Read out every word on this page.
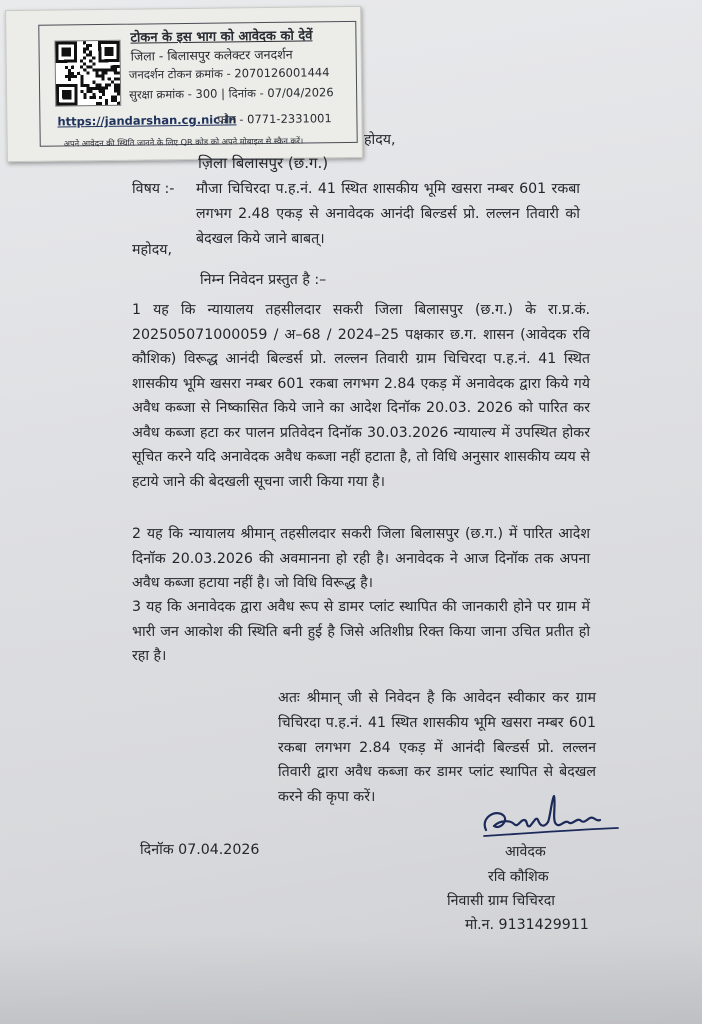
टोकन के इस भाग को आवेदक को देवें
जिला - बिलासपुर कलेक्टर जनदर्शन
जनदर्शन टोकन क्रमांक - 2070126001444
सुरक्षा क्रमांक - 300 | दिनांक - 07/04/2026
https://jandarshan.cg.nic.in
फोन - 0771-2331001
अपने आवेदन की स्थिति जानने के लिए QR कोड को अपने मोबाइल से स्कैन करें।	होदय,

ज़िला बिलासपुर (छ.ग.)

विषय :- मौजा चिचिरदा प.ह.नं. 41 स्थित शासकीय भूमि खसरा नम्बर 601 रकबा लगभग 2.48 एकड़ से अनावेदक आनंदी बिल्डर्स प्रो. लल्लन तिवारी को बेदखल किये जाने बाबत्।

महोदय,

निम्न निवेदन प्रस्तुत है :–

1 यह कि न्यायालय तहसीलदार सकरी जिला बिलासपुर (छ.ग.) के रा.प्र.कं. 202505071000059 / अ–68 / 2024–25 पक्षकार छ.ग. शासन (आवेदक रवि कौशिक) विरूद्ध आनंदी बिल्डर्स प्रो. लल्लन तिवारी ग्राम चिचिरदा प.ह.नं. 41 स्थित शासकीय भूमि खसरा नम्बर 601 रकबा लगभग 2.84 एकड़ में अनावेदक द्वारा किये गये अवैध कब्जा से निष्कासित किये जाने का आदेश दिनॉक 20.03. 2026 को पारित कर अवैध कब्जा हटा कर पालन प्रतिवेदन दिनॉक 30.03.2026 न्यायाल्य में उपस्थित होकर सूचित करने यदि अनावेदक अवैध कब्जा नहीं हटाता है, तो विधि अनुसार शासकीय व्यय से हटाये जाने की बेदखली सूचना जारी किया गया है।

2 यह कि न्यायालय श्रीमान् तहसीलदार सकरी जिला बिलासपुर (छ.ग.) में पारित आदेश दिनॉक 20.03.2026 की अवमानना हो रही है। अनावेदक ने आज दिनॉक तक अपना अवैध कब्जा हटाया नहीं है। जो विधि विरूद्ध है।

3 यह कि अनावेदक द्वारा अवैध रूप से डामर प्लांट स्थापित की जानकारी होने पर ग्राम में भारी जन आकोश की स्थिति बनी हुई है जिसे अतिशीघ्र रिक्त किया जाना उचित प्रतीत हो रहा है।

अतः श्रीमान् जी से निवेदन है कि आवेदन स्वीकार कर ग्राम चिचिरदा प.ह.नं. 41 स्थित शासकीय भूमि खसरा नम्बर 601 रकबा लगभग 2.84 एकड़ में आनंदी बिल्डर्स प्रो. लल्लन तिवारी द्वारा अवैध कब्जा कर डामर प्लांट स्थापित से बेदखल करने की कृपा करें।

दिनॉक 07.04.2026	आवेदक

रवि कौशिक

निवासी ग्राम चिचिरदा

मो.न. 9131429911
